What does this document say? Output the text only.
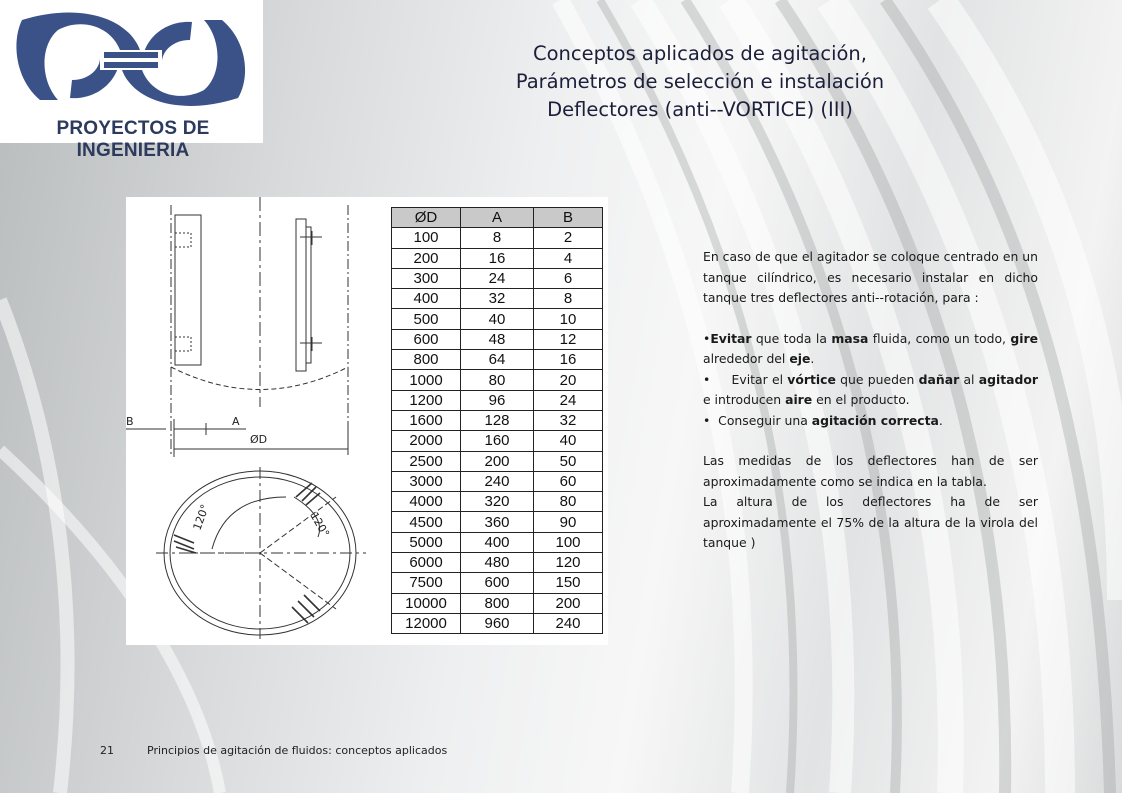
PROYECTOS DE INGENIERIA
Conceptos aplicados de agitación,
Parámetros de selección e instalación
Deflectores (anti--VORTICE) (III)
B	A
ØD
120°	120°
ØD	A	B
100	8	2
200	16	4
300	24	6
400	32	8
500	40	10
600	48	12
800	64	16
1000	80	20
1200	96	24
1600	128	32
2000	160	40
2500	200	50
3000	240	60
4000	320	80
4500	360	90
5000	400	100
6000	480	120
7500	600	150
10000	800	200
12000	960	240

En caso de que el agitador se coloque centrado en un tanque cilíndrico, es necesario instalar en dicho tanque tres deflectores anti--rotación, para :

•Evitar que toda la masa fluida, como un todo, gire alrededor del eje.

•     Evitar el vórtice que pueden dañar al agitador e introducen aire en el producto.

•  Conseguir una agitación correcta.

Las medidas de los deflectores han de ser aproximadamente como se indica en la tabla.

La altura de los deflectores ha de ser aproximadamente el 75% de la altura de la virola del tanque )

21	Principios de agitación de fluidos: conceptos aplicados
